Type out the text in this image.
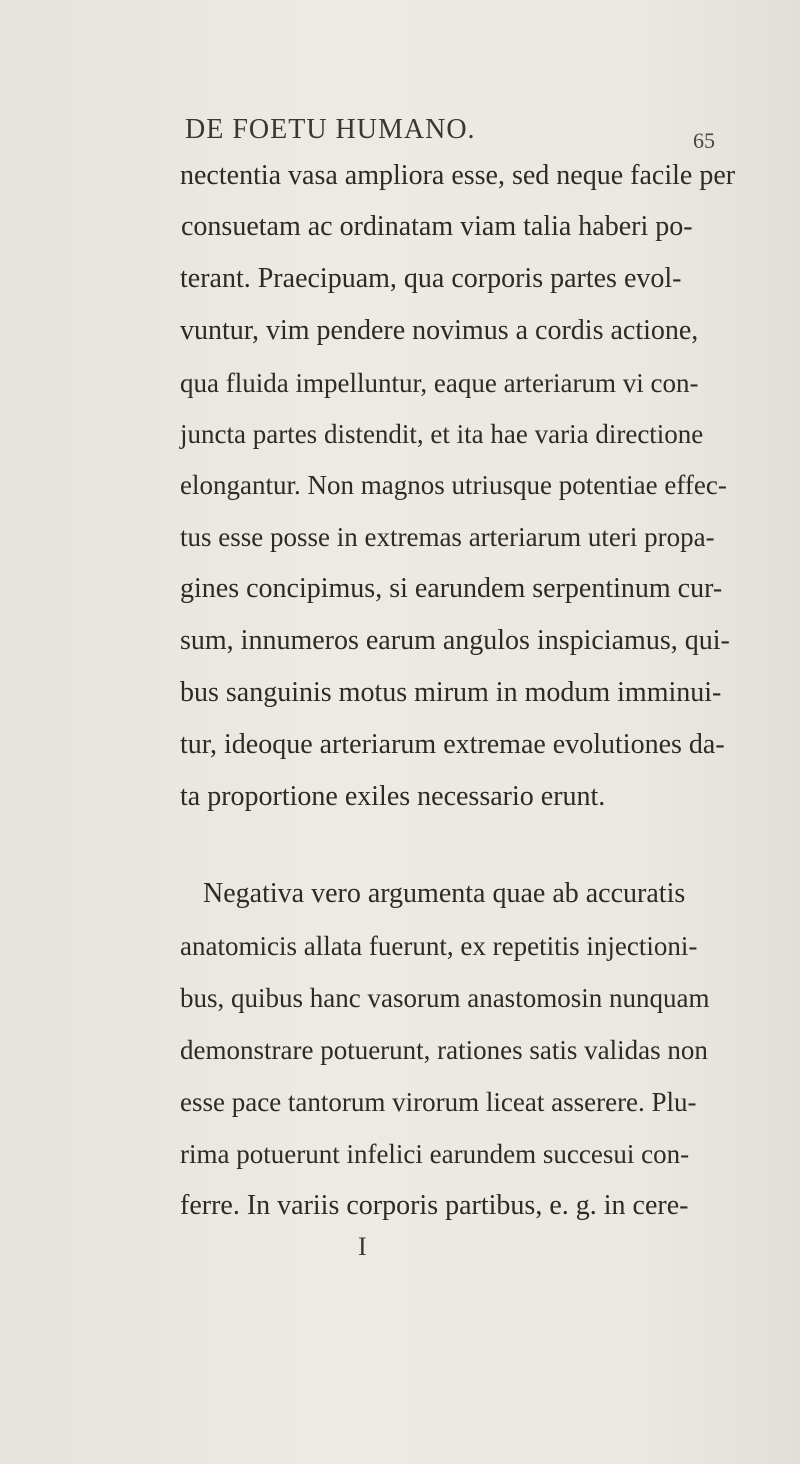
DE FOETU HUMANO.	65
nectentia vasa ampliora esse, sed neque facile per
consuetam ac ordinatam viam talia haberi po-
terant. Praecipuam, qua corporis partes evol-
vuntur, vim pendere novimus a cordis actione,
qua fluida impelluntur, eaque arteriarum vi con-
juncta partes distendit, et ita hae varia directione
elongantur. Non magnos utriusque potentiae effec-
tus esse posse in extremas arteriarum uteri propa-
gines concipimus, si earundem serpentinum cur-
sum, innumeros earum angulos inspiciamus, qui-
bus sanguinis motus mirum in modum imminui-
tur, ideoque arteriarum extremae evolutiones da-
ta proportione exiles necessario erunt.
Negativa vero argumenta quae ab accuratis
anatomicis allata fuerunt, ex repetitis injectioni-
bus, quibus hanc vasorum anastomosin nunquam
demonstrare potuerunt, rationes satis validas non
esse pace tantorum virorum liceat asserere. Plu-
rima potuerunt infelici earundem succesui con-
ferre. In variis corporis partibus, e. g. in cere-
I
